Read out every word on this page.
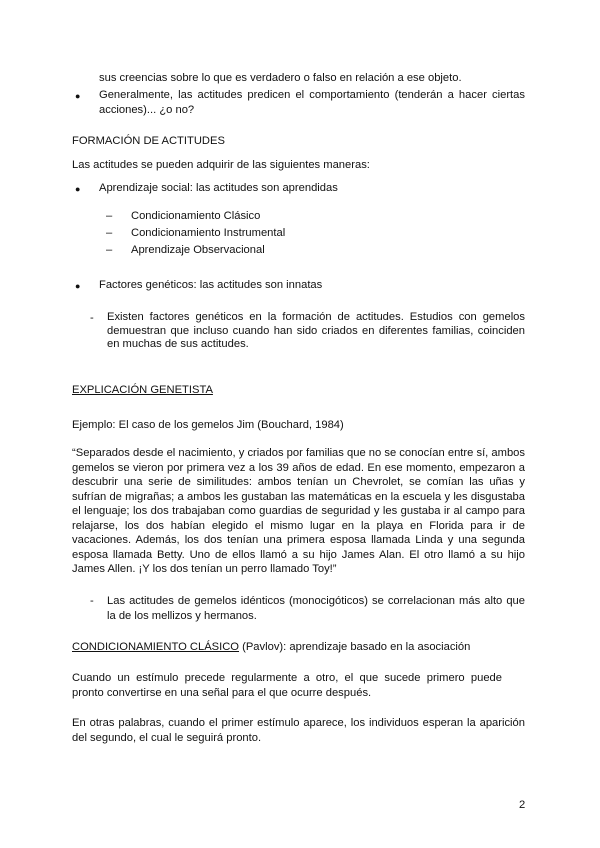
sus creencias sobre lo que es verdadero o falso en relación a ese objeto.

● Generalmente, las actitudes predicen el comportamiento (tenderán a hacer ciertas acciones)... ¿o no?

FORMACIÓN DE ACTITUDES

Las actitudes se pueden adquirir de las siguientes maneras:

● Aprendizaje social: las actitudes son aprendidas

– Condicionamiento Clásico

– Condicionamiento Instrumental

– Aprendizaje Observacional

● Factores genéticos: las actitudes son innatas

- Existen factores genéticos en la formación de actitudes. Estudios con gemelos demuestran que incluso cuando han sido criados en diferentes familias, coinciden en muchas de sus actitudes.

EXPLICACIÓN GENETISTA

Ejemplo: El caso de los gemelos Jim (Bouchard, 1984)

“Separados desde el nacimiento, y criados por familias que no se conocían entre sí, ambos gemelos se vieron por primera vez a los 39 años de edad. En ese momento, empezaron a descubrir una serie de similitudes: ambos tenían un Chevrolet, se comían las uñas y sufrían de migrañas; a ambos les gustaban las matemáticas en la escuela y les disgustaba el lenguaje; los dos trabajaban como guardias de seguridad y les gustaba ir al campo para relajarse, los dos habían elegido el mismo lugar en la playa en Florida para ir de vacaciones. Además, los dos tenían una primera esposa llamada Linda y una segunda esposa llamada Betty. Uno de ellos llamó a su hijo James Alan. El otro llamó a su hijo James Allen. ¡Y los dos tenían un perro llamado Toy!”

- Las actitudes de gemelos idénticos (monocigóticos) se correlacionan más alto que la de los mellizos y hermanos.

CONDICIONAMIENTO CLÁSICO (Pavlov): aprendizaje basado en la asociación

Cuando un estímulo precede regularmente a otro, el que sucede primero puede pronto convertirse en una señal para el que ocurre después.

En otras palabras, cuando el primer estímulo aparece, los individuos esperan la aparición del segundo, el cual le seguirá pronto.

2
